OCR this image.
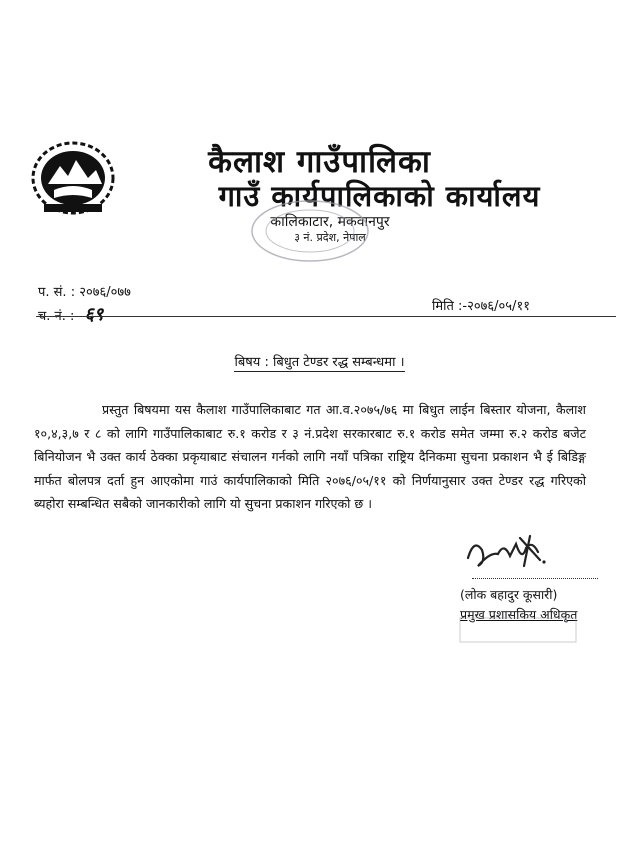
कैलाश गाउँपालिका
गाउँ कार्यपालिकाको कार्यालय
कालिकाटार, मकवानपुर
३ नं. प्रदेश, नेपाल
प. सं. : २०७६/०७७
च. नं. : ६९	मिति :-२०७६/०५/११
बिषय : बिधुत टेण्डर रद्ध सम्बन्धमा ।
प्रस्तुत बिषयमा यस कैलाश गाउँपालिकाबाट गत आ.व.२०७५/७६ मा बिधुत लाईन बिस्तार योजना, कैलाश १०,४,३,७ र ८ को लागि गाउँपालिकाबाट रु.१ करोड र ३ नं.प्रदेश सरकारबाट रु.१ करोड समेत जम्मा रु.२ करोड बजेट बिनियोजन भै उक्त कार्य ठेक्का प्रकृयाबाट संचालन गर्नको लागि नयाँ पत्रिका राष्ट्रिय दैनिकमा सुचना प्रकाशन भै ई बिडिङ्ग मार्फत बोलपत्र दर्ता हुन आएकोमा गाउं कार्यपालिकाको मिति २०७६/०५/११ को निर्णयानुसार उक्त टेण्डर रद्ध गरिएको ब्यहोरा सम्बन्धित सबैको जानकारीको लागि यो सुचना प्रकाशन गरिएको छ ।
(लोक बहादुर कूसारी)
प्रमुख प्रशासकिय अधिकृत
